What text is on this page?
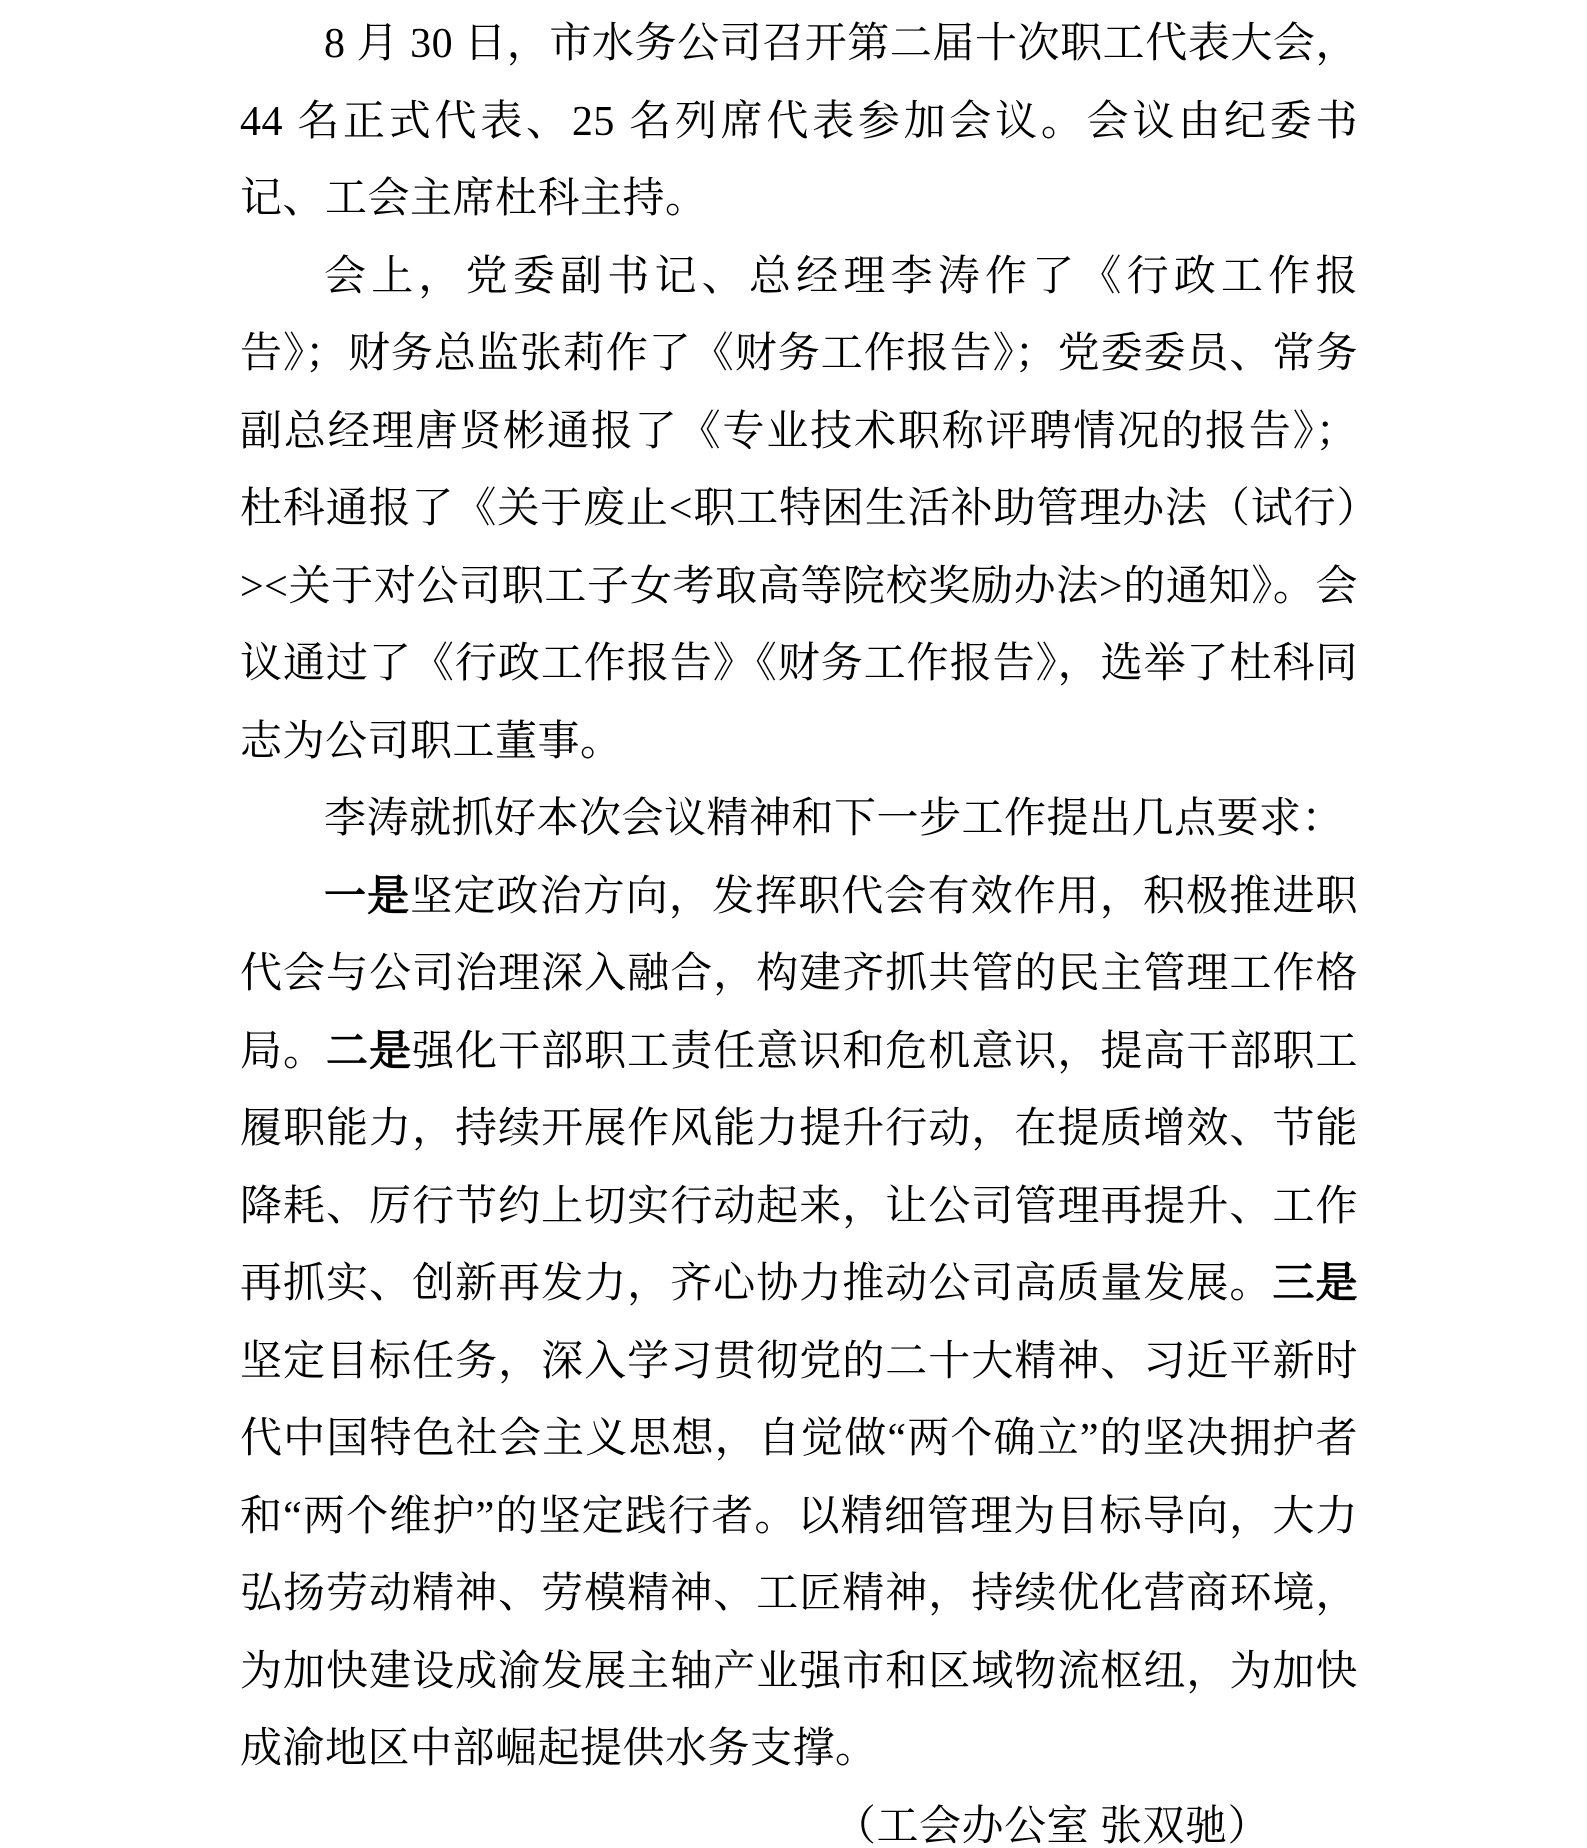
8 月 30 日，市水务公司召开第二届十次职工代表大会，44 名正式代表、25 名列席代表参加会议。会议由纪委书记、工会主席杜科主持。

会上，党委副书记、总经理李涛作了《行政工作报告》；财务总监张莉作了《财务工作报告》；党委委员、常务副总经理唐贤彬通报了《专业技术职称评聘情况的报告》；杜科通报了《关于废止<职工特困生活补助管理办法（试行）><关于对公司职工子女考取高等院校奖励办法>的通知》。会议通过了《行政工作报告》《财务工作报告》，选举了杜科同志为公司职工董事。

李涛就抓好本次会议精神和下一步工作提出几点要求：

一是坚定政治方向，发挥职代会有效作用，积极推进职代会与公司治理深入融合，构建齐抓共管的民主管理工作格局。二是强化干部职工责任意识和危机意识，提高干部职工履职能力，持续开展作风能力提升行动，在提质增效、节能降耗、厉行节约上切实行动起来，让公司管理再提升、工作再抓实、创新再发力，齐心协力推动公司高质量发展。三是坚定目标任务，深入学习贯彻党的二十大精神、习近平新时代中国特色社会主义思想，自觉做“两个确立”的坚决拥护者和“两个维护”的坚定践行者。以精细管理为目标导向，大力弘扬劳动精神、劳模精神、工匠精神，持续优化营商环境，为加快建设成渝发展主轴产业强市和区域物流枢纽，为加快成渝地区中部崛起提供水务支撑。

（工会办公室 张双驰）
